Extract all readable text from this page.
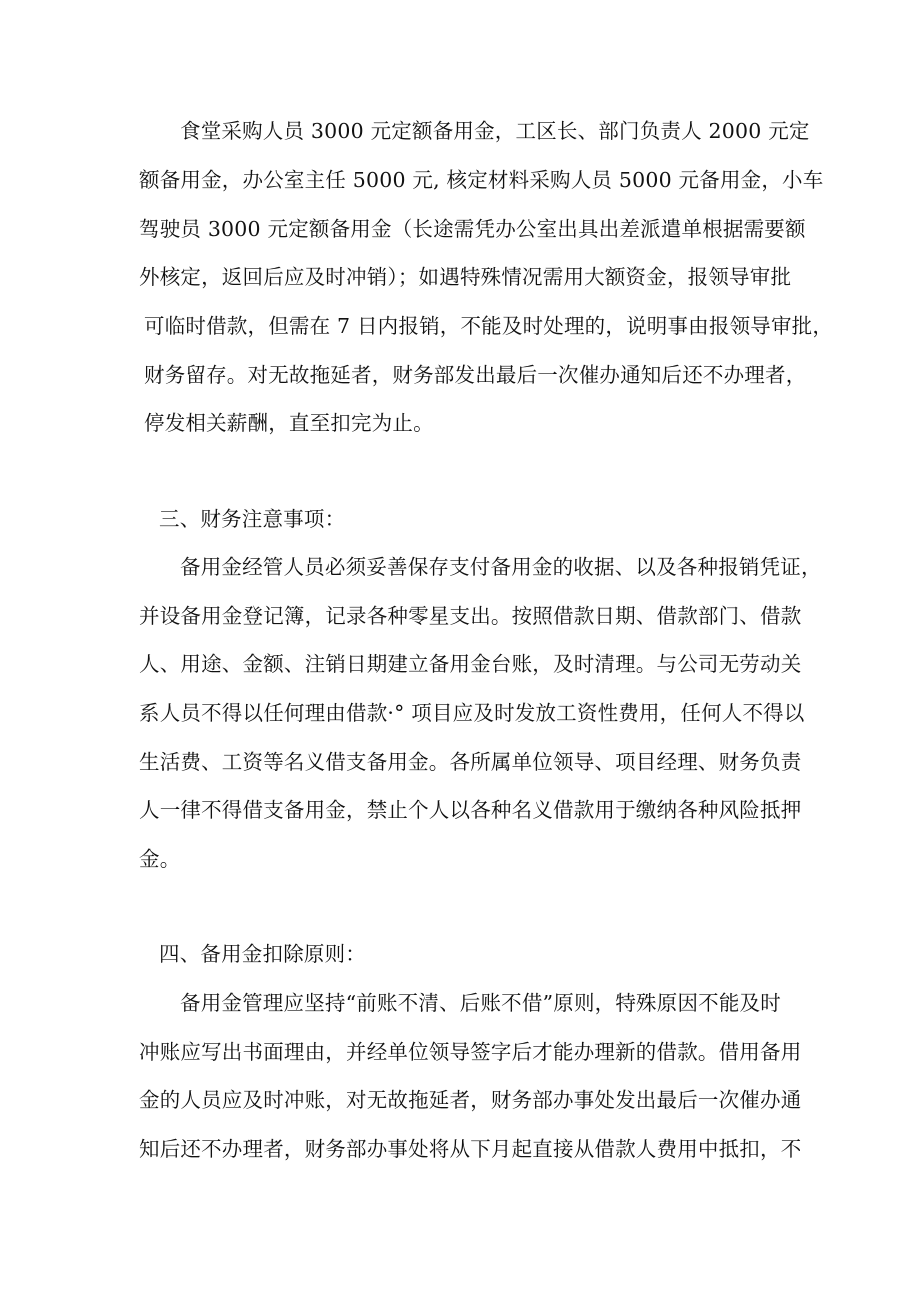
食堂采购人员 3000 元定额备用金，工区长、部门负责人 2000 元定
额备用金，办公室主任 5000 元, 核定材料采购人员 5000 元备用金，小车
驾驶员 3000 元定额备用金（长途需凭办公室出具出差派遣单根据需要额
外核定，返回后应及时冲销）；如遇特殊情况需用大额资金，报领导审批
可临时借款，但需在 7 日内报销，不能及时处理的，说明事由报领导审批，
财务留存。对无故拖延者，财务部发出最后一次催办通知后还不办理者，
停发相关薪酬，直至扣完为止。
三、财务注意事项：
备用金经管人员必须妥善保存支付备用金的收据、以及各种报销凭证，
并设备用金登记簿，记录各种零星支出。按照借款日期、借款部门、借款
人、用途、金额、注销日期建立备用金台账，及时清理。与公司无劳动关
系人员不得以任何理由借款·° 项目应及时发放工资性费用，任何人不得以
生活费、工资等名义借支备用金。各所属单位领导、项目经理、财务负责
人一律不得借支备用金，禁止个人以各种名义借款用于缴纳各种风险抵押
金。
四、备用金扣除原则：
备用金管理应坚持“前账不清、后账不借”原则，特殊原因不能及时
冲账应写出书面理由，并经单位领导签字后才能办理新的借款。借用备用
金的人员应及时冲账，对无故拖延者，财务部办事处发出最后一次催办通
知后还不办理者，财务部办事处将从下月起直接从借款人费用中抵扣，不
